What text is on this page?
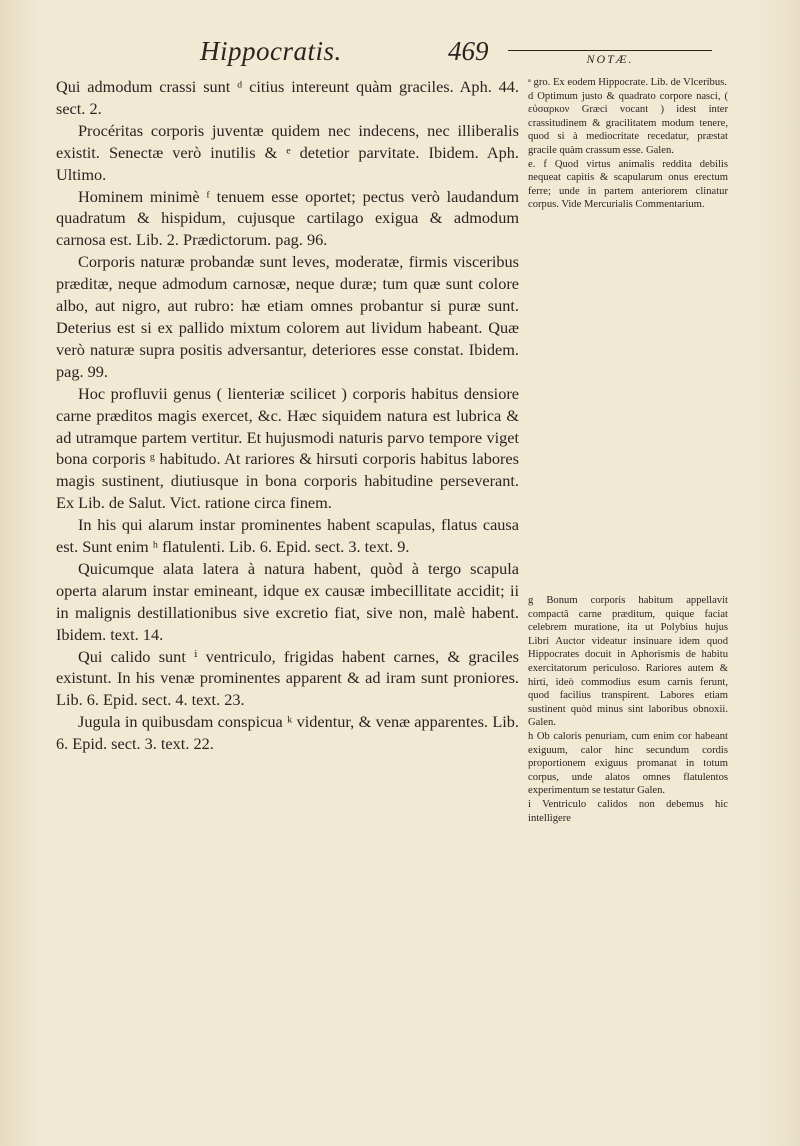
Hippocratis.	469	NOTÆ.

Qui admodum crassi sunt ᵈ citius intereunt quàm graciles. Aph. 44. sect. 2.

Procéritas corporis juventæ quidem nec indecens, nec illiberalis existit. Senectæ verò inutilis & ᵉ detetior parvitate. Ibidem. Aph. Ultimo.

Hominem minimè ᶠ tenuem esse oportet; pectus verò laudandum quadratum & hispidum, cujusque cartilago exigua & admodum carnosa est. Lib. 2. Prædictorum. pag. 96.

Corporis naturæ probandæ sunt leves, moderatæ, firmis visceribus præditæ, neque admodum carnosæ, neque duræ; tum quæ sunt colore albo, aut nigro, aut rubro: hæ etiam omnes probantur si puræ sunt. Deterius est si ex pallido mixtum colorem aut lividum habeant. Quæ verò naturæ supra positis adversantur, deteriores esse constat. Ibidem. pag. 99.

Hoc profluvii genus ( lienteriæ scilicet ) corporis habitus densiore carne præditos magis exercet, &c. Hæc siquidem natura est lubrica & ad utramque partem vertitur. Et hujusmodi naturis parvo tempore viget bona corporis ᵍ habitudo. At rariores & hirsuti corporis habitus labores magis sustinent, diutiusque in bona corporis habitudine perseverant. Ex Lib. de Salut. Vict. ratione circa finem.

In his qui alarum instar prominentes habent scapulas, flatus causa est. Sunt enim ʰ flatulenti. Lib. 6. Epid. sect. 3. text. 9.

Quicumque alata latera à natura habent, quòd à tergo scapula operta alarum instar emineant, idque ex causæ imbecillitate accidit; ii in malignis destillationibus sive excretio fiat, sive non, malè habent. Ibidem. text. 14.

Qui calido sunt ⁱ ventriculo, frigidas habent carnes, & graciles existunt. In his venæ prominentes apparent & ad iram sunt proniores. Lib. 6. Epid. sect. 4. text. 23.

Jugula in quibusdam conspicua ᵏ videntur, & venæ apparentes. Lib. 6. Epid. sect. 3. text. 22.

ᵃ gro. Ex eodem Hippocrate. Lib. de Vlceribus.

d Optimum justo & quadrato corpore nasci, ( εὐσαρκον Græci vocant ) idest inter crassitudinem & gracilitatem modum tenere, quod si à mediocritate recedatur, præstat gracile quàm crassum esse. Galen.

e. f Quod virtus animalis reddita debilis nequeat capitis & scapularum onus erectum ferre; unde in partem anteriorem clinatur corpus. Vide Mercurialis Commentarium.

g Bonum corporis habitum appellavit compactâ carne præditum, quique faciat celebrem muratione, ita ut Polybius hujus Libri Auctor videatur insinuare idem quod Hippocrates docuit in Aphorismis de habitu exercitatorum periculoso. Rariores autem & hirti, ideò commodius esum carnis ferunt, quod facilius transpirent. Labores etiam sustinent quòd minus sint laboribus obnoxii. Galen.

h Ob caloris penuriam, cum enim cor habeant exiguum, calor hinc secundum cordis proportionem exiguus promanat in totum corpus, unde alatos omnes flatulentos experimentum se testatur Galen.

i Ventriculo calidos non debemus hic intelligere
